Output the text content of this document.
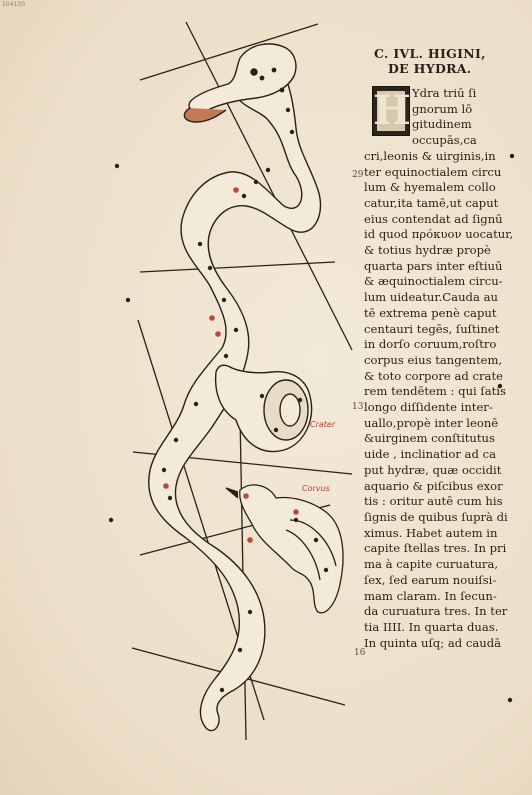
104130
Crater
Corvus
29
13
16
C. IVL. HIGINI,
DE HYDRA.
H Ydra triū ſi
gnorum lō
gitudinem
occupās,ca
cri,leonis & uirginis,in
ter equinoctialem circu
lum & hyemalem collo
catur,ita tamē,ut caput
eius contendat ad ſignū
id quod πρόκυον uocatur,
& totius hydræ propè
quarta pars inter eſtiuū
& æquinoctialem circu-
lum uideatur.Cauda au
tē extrema penè caput
centauri tegēs, ſuſtinet
in dorſo coruum,roſtro
corpus eius tangentem,
& toto corpore ad crate
rem tendētem : qui ſatis
longo diſſidente inter-
uallo,propè inter leonē
&uirginem conſtitutus
uide , inclinatior ad ca
put hydræ, quæ occidit
aquario & piſcibus exor
tis : oritur autē cum his
ſignis de quibus ſuprà di
ximus. Habet autem in
capite ſtellas tres. In pri
ma à capite curuatura,
ſex, ſed earum nouiſsi-
mam claram. In ſecun-
da curuatura tres. In ter
tia IIII. In quarta duas.
In quinta uſq; ad caudā
